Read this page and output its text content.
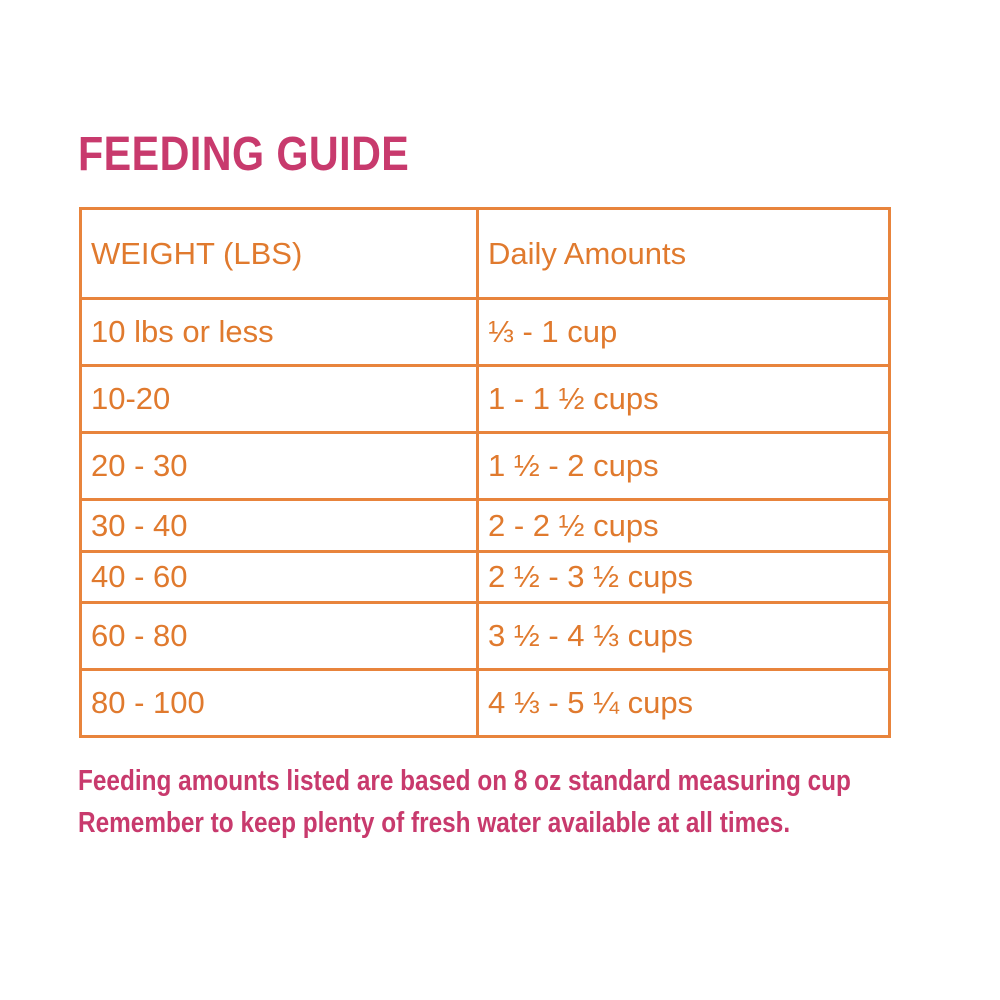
FEEDING GUIDE
WEIGHT (LBS)	Daily Amounts
10 lbs or less	⅓ - 1 cup
10-20	1 - 1 ½ cups
20 - 30	1 ½ - 2 cups
30 - 40	2 - 2 ½ cups
40 - 60	2 ½ - 3 ½ cups
60 - 80	3 ½ - 4 ⅓ cups
80 - 100	4 ⅓ - 5 ¼ cups

Feeding amounts listed are based on 8 oz standard measuring cup

Remember to keep plenty of fresh water available at all times.
